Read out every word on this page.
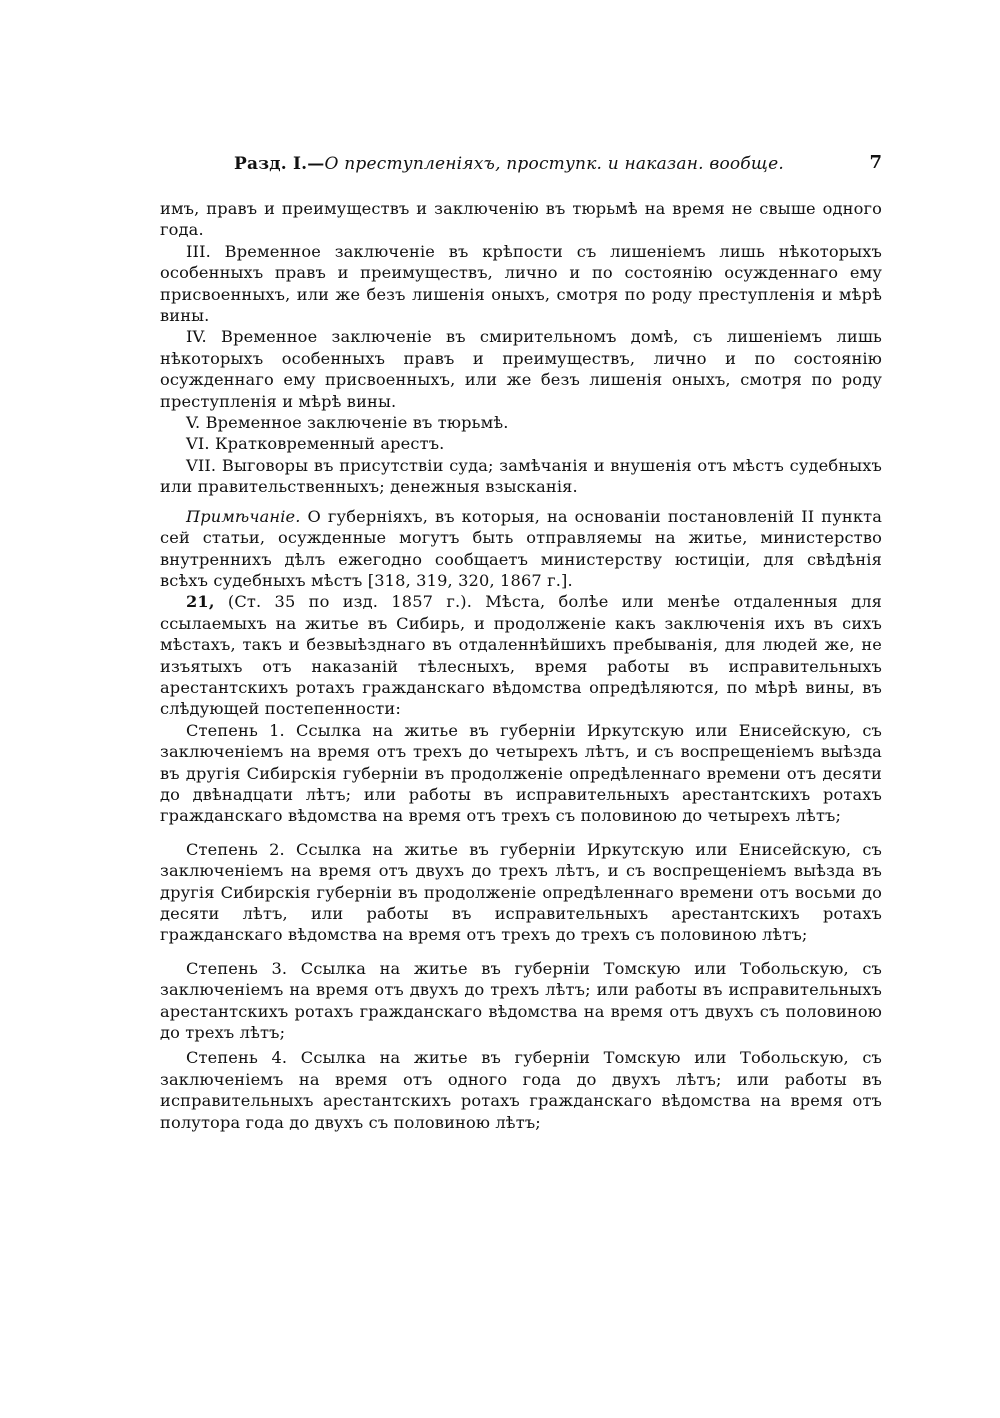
Разд. I.—О преступленіяхъ, проступк. и наказан. вообще.	7

имъ, правъ и преимуществъ и заключенію въ тюрьмѣ на время не свыше одного года.

III. Временное заключеніе въ крѣпости съ лишеніемъ лишь нѣкоторыхъ особенныхъ правъ и преимуществъ, лично и по состоянію осужденнаго ему присвоенныхъ, или же безъ лишенія оныхъ, смотря по роду преступленія и мѣрѣ вины.

IV. Временное заключеніе въ смирительномъ домѣ, съ лишеніемъ лишь нѣкоторыхъ особенныхъ правъ и преимуществъ, лично и по состоянію осужденнаго ему присвоенныхъ, или же безъ лишенія оныхъ, смотря по роду преступленія и мѣрѣ вины.

V. Временное заключеніе въ тюрьмѣ.

VI. Кратковременный арестъ.

VII. Выговоры въ присутствіи суда; замѣчанія и внушенія отъ мѣстъ судебныхъ или правительственныхъ; денежныя взысканія.

Примѣчаніе. О губерніяхъ, въ которыя, на основаніи постановленій II пункта сей статьи, осужденные могутъ быть отправляемы на житье, министерство внутреннихъ дѣлъ ежегодно сообщаетъ министерству юстиціи, для свѣдѣнія всѣхъ судебныхъ мѣстъ [318, 319, 320, 1867 г.].

21, (Ст. 35 по изд. 1857 г.). Мѣста, болѣе или менѣе отдаленныя для ссылаемыхъ на житье въ Сибирь, и продолженіе какъ заключенія ихъ въ сихъ мѣстахъ, такъ и безвыѣзднаго въ отдаленнѣйшихъ пребыванія, для людей же, не изъятыхъ отъ наказаній тѣлесныхъ, время работы въ исправительныхъ арестантскихъ ротахъ гражданскаго вѣдомства опредѣляются, по мѣрѣ вины, въ слѣдующей постепенности:

Степень 1. Ссылка на житье въ губерніи Иркутскую или Енисейскую, съ заключеніемъ на время отъ трехъ до четырехъ лѣтъ, и съ воспрещеніемъ выѣзда въ другія Сибирскія губерніи въ продолженіе опредѣленнаго времени отъ десяти до двѣнадцати лѣтъ; или работы въ исправительныхъ арестантскихъ ротахъ гражданскаго вѣдомства на время отъ трехъ съ половиною до четырехъ лѣтъ;

Степень 2. Ссылка на житье въ губерніи Иркутскую или Енисейскую, съ заключеніемъ на время отъ двухъ до трехъ лѣтъ, и съ воспрещеніемъ выѣзда въ другія Сибирскія губерніи въ продолженіе опредѣленнаго времени отъ восьми до десяти лѣтъ, или работы въ исправительныхъ арестантскихъ ротахъ гражданскаго вѣдомства на время отъ трехъ до трехъ съ половиною лѣтъ;

Степень 3. Ссылка на житье въ губерніи Томскую или Тобольскую, съ заключеніемъ на время отъ двухъ до трехъ лѣтъ; или работы въ исправительныхъ арестантскихъ ротахъ гражданскаго вѣдомства на время отъ двухъ съ половиною до трехъ лѣтъ;

Степень 4. Ссылка на житье въ губерніи Томскую или Тобольскую, съ заключеніемъ на время отъ одного года до двухъ лѣтъ; или работы въ исправительныхъ арестантскихъ ротахъ гражданскаго вѣдомства на время отъ полутора года до двухъ съ половиною лѣтъ;
